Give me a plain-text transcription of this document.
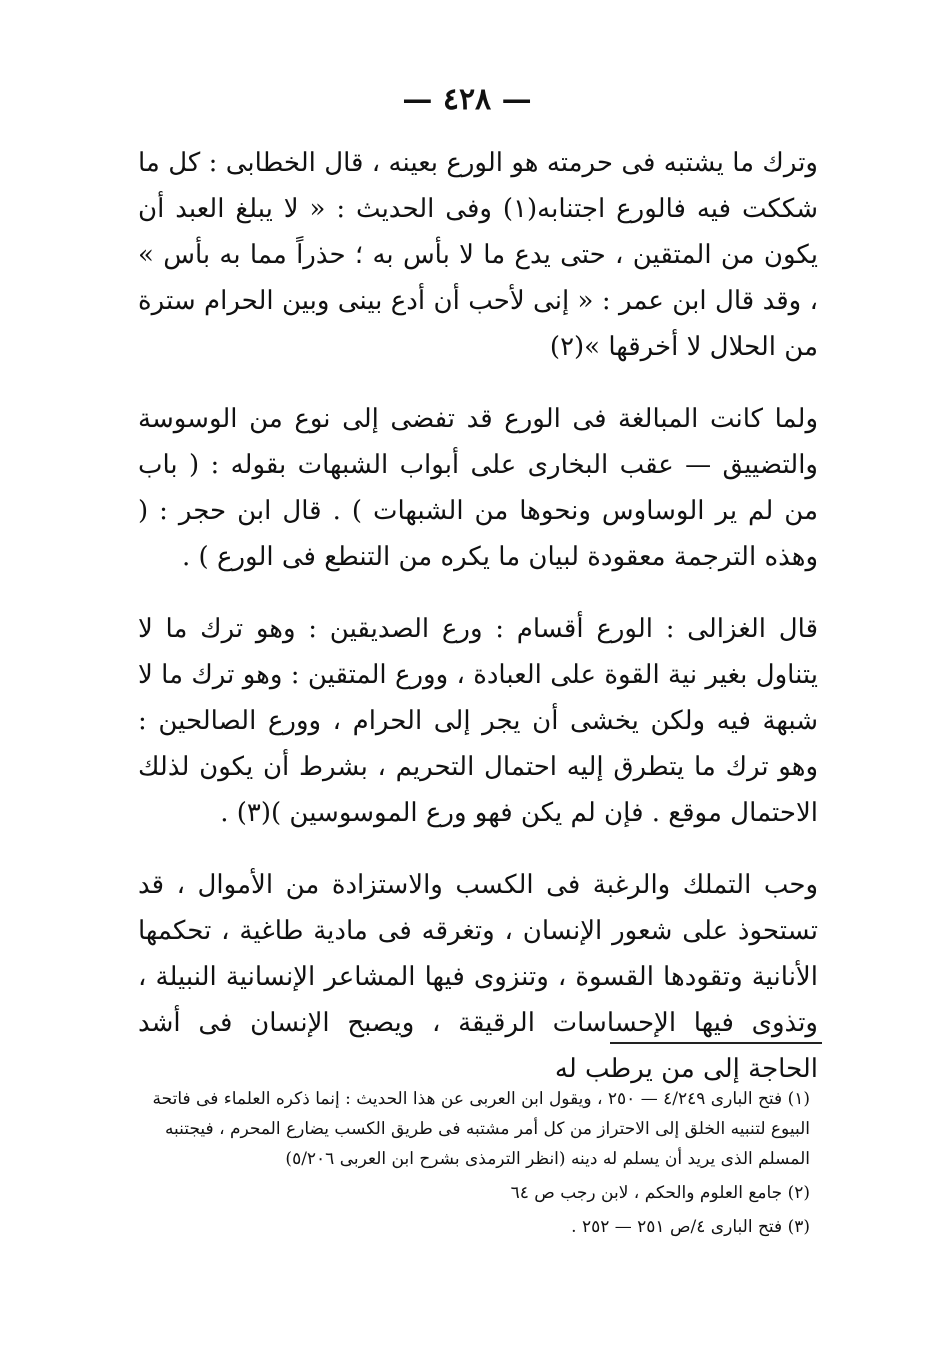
— ٤٢٨ —

وترك ما يشتبه فى حرمته هو الورع بعينه ، قال الخطابى : كل ما شككت فيه فالورع اجتنابه(١) وفى الحديث : « لا يبلغ العبد أن يكون من المتقين ، حتى يدع ما لا بأس به ؛ حذراً مما به بأس » ، وقد قال ابن عمر : « إنى لأحب أن أدع بينى وبين الحرام سترة من الحلال لا أخرقها »(٢)

ولما كانت المبالغة فى الورع قد تفضى إلى نوع من الوسوسة والتضييق — عقب البخارى على أبواب الشبهات بقوله : ( باب من لم ير الوساوس ونحوها من الشبهات ) . قال ابن حجر : ( وهذه الترجمة معقودة لبيان ما يكره من التنطع فى الورع ) .

قال الغزالى : الورع أقسام : ورع الصديقين : وهو ترك ما لا يتناول بغير نية القوة على العبادة ، وورع المتقين : وهو ترك ما لا شبهة فيه ولكن يخشى أن يجر إلى الحرام ، وورع الصالحين : وهو ترك ما يتطرق إليه احتمال التحريم ، بشرط أن يكون لذلك الاحتمال موقع . فإن لم يكن فهو ورع الموسوسين )(٣) .

وحب التملك والرغبة فى الكسب والاستزادة من الأموال ، قد تستحوذ على شعور الإنسان ، وتغرقه فى مادية طاغية ، تحكمها الأنانية وتقودها القسوة ، وتنزوى فيها المشاعر الإنسانية النبيلة ، وتذوى فيها الإحساسات الرقيقة ، ويصبح الإنسان فى أشد الحاجة إلى من يرطب له

(١) فتح البارى ٤/٢٤٩ — ٢٥٠ ، ويقول ابن العربى عن هذا الحديث : إنما ذكره العلماء فى فاتحة البيوع لتنبيه الخلق إلى الاحتراز من كل أمر مشتبه فى طريق الكسب يضارع المحرم ، فيجتنبه المسلم الذى يريد أن يسلم له دينه (انظر الترمذى بشرح ابن العربى ٥/٢٠٦)

(٢) جامع العلوم والحكم ، لابن رجب ص ٦٤

(٣) فتح البارى ٤/ص ٢٥١ — ٢٥٢ .
